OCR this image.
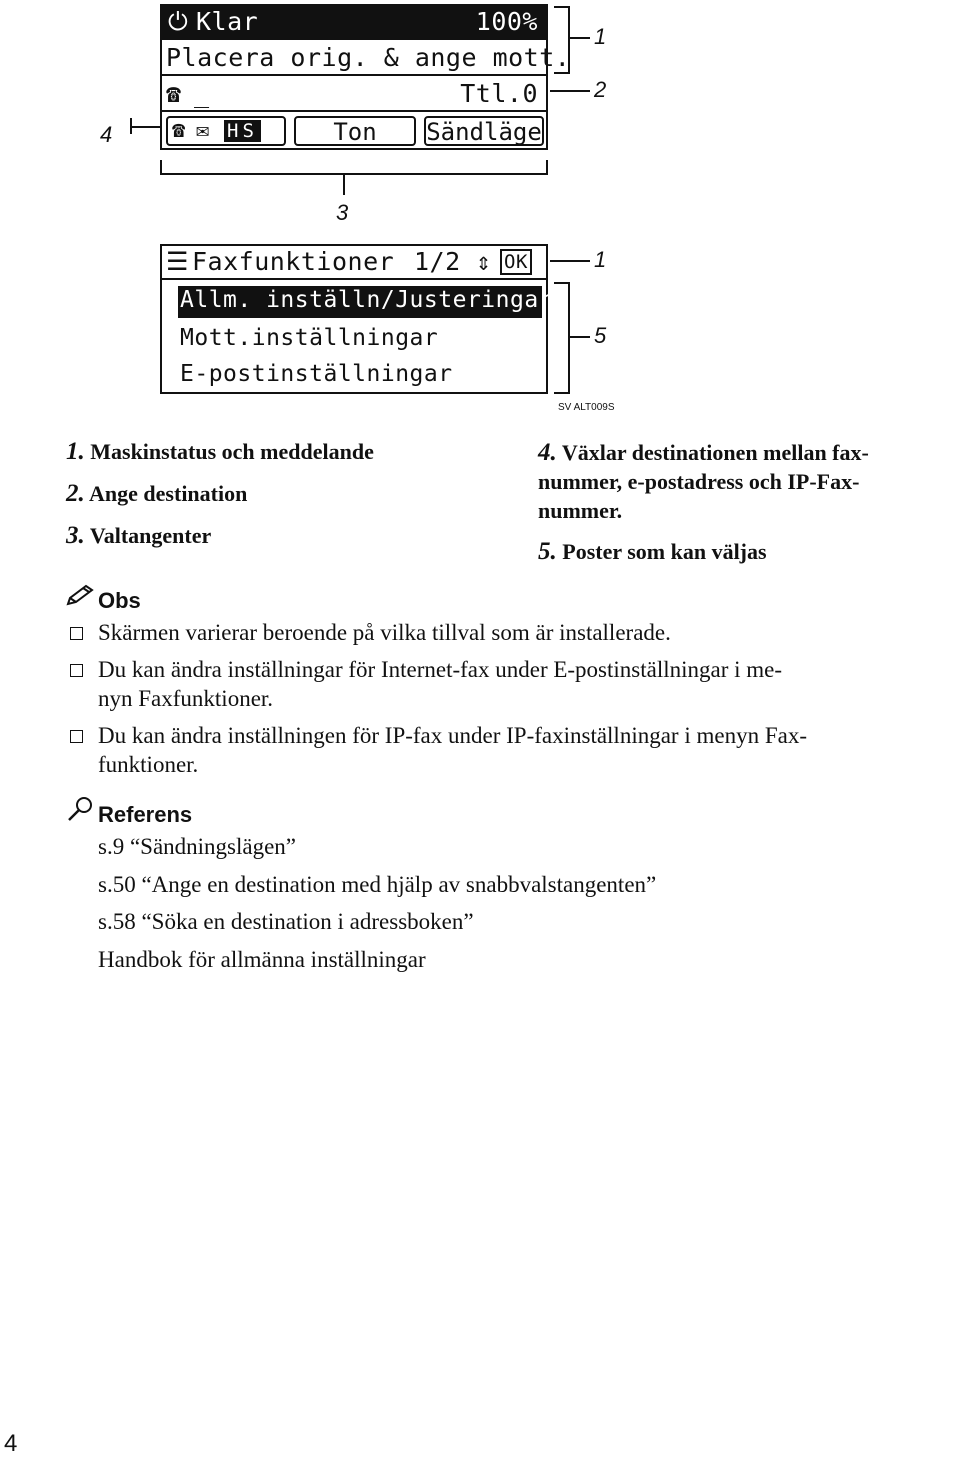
⏻ Klar	100%
Placera orig. & ange mott.
☎ _	Ttl.0
☎ ✉ HS	Ton	Sändläge
1
2
4
3
☰ Faxfunktioner 1/2 ⇕ OK
Allm. inställn/Justeringar
Mott.inställningar
E-postinställningar
1
5
SV ALT009S
1. Maskinstatus och meddelande
2. Ange destination
3. Valtangenter
4. Växlar destinationen mellan fax-
nummer, e-postadress och IP-Fax-
nummer.
5. Poster som kan väljas
Obs
Skärmen varierar beroende på vilka tillval som är installerade.
Du kan ändra inställningar för Internet-fax under E-postinställningar i me-
nyn Faxfunktioner.
Du kan ändra inställningen för IP-fax under IP-faxinställningar i menyn Fax-
funktioner.
Referens
s.9 “Sändningslägen”
s.50 “Ange en destination med hjälp av snabbvalstangenten”
s.58 “Söka en destination i adressboken”
Handbok för allmänna inställningar
4
